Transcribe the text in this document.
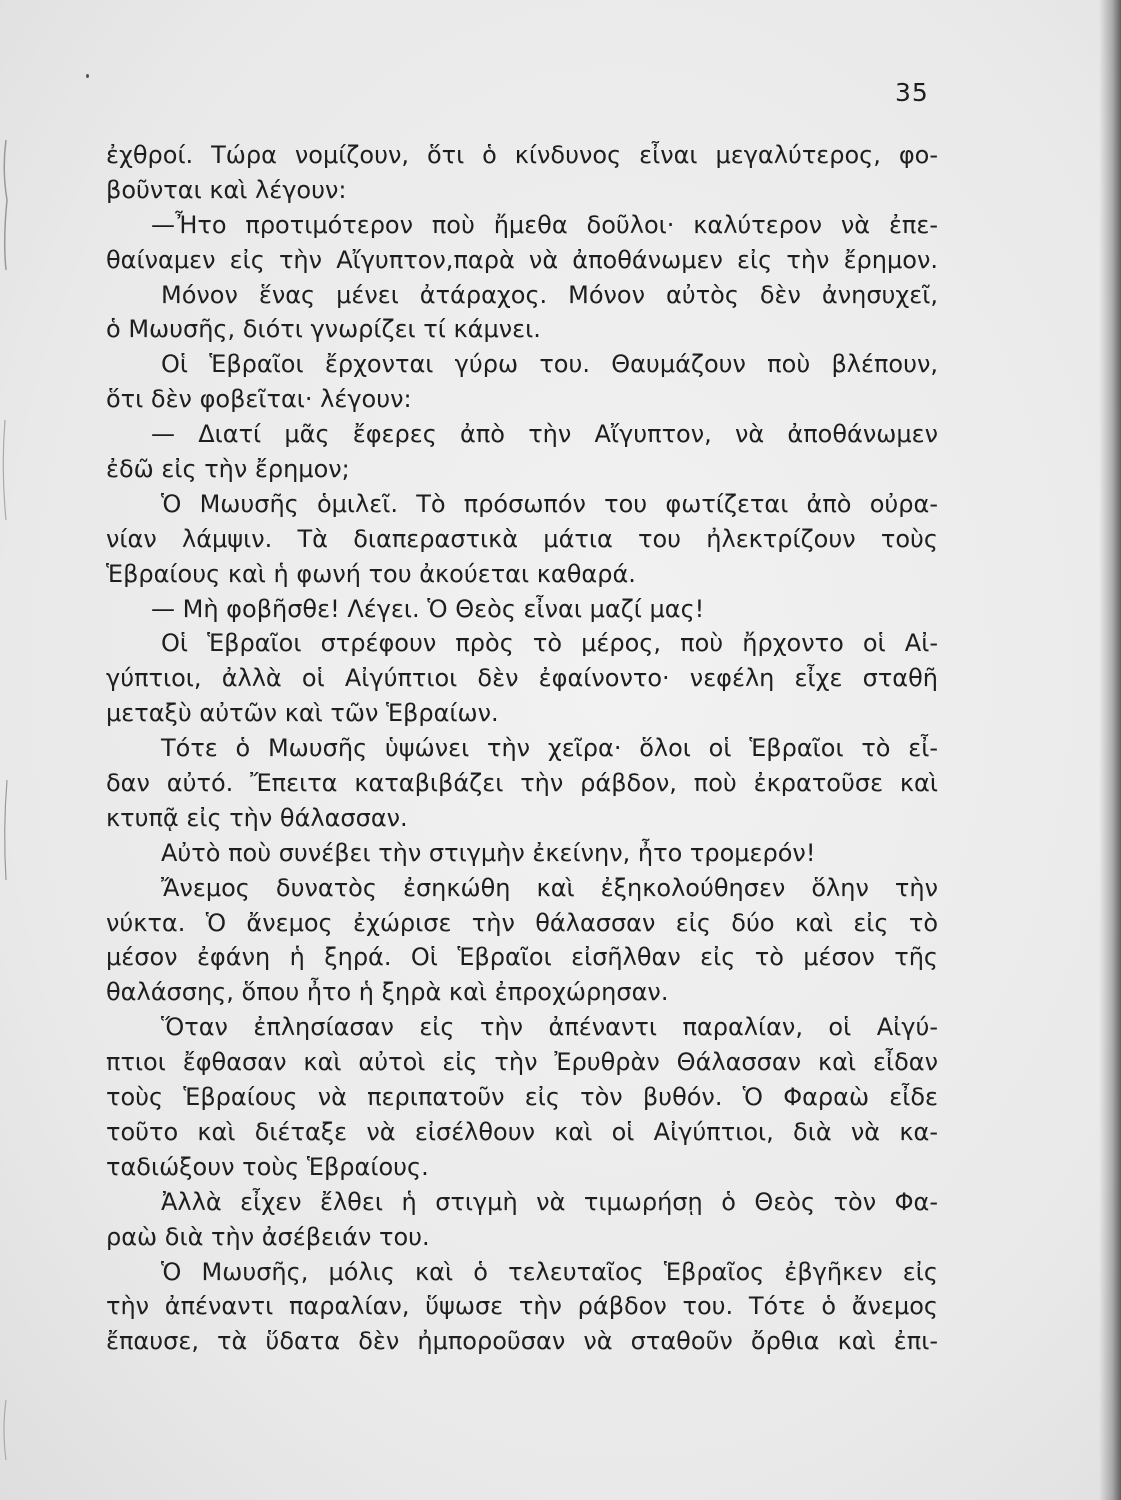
35
ἐχθροί. Τώρα νομίζουν, ὅτι ὁ κίνδυνος εἶναι μεγαλύτερος, φο-
βοῦνται καὶ λέγουν:
—Ἦτο προτιμότερον ποὺ ἤμεθα δοῦλοι· καλύτερον νὰ ἐπε-
θαίναμεν εἰς τὴν Αἴγυπτον,παρὰ νὰ ἀποθάνωμεν εἰς τὴν ἔρημον.
Μόνον ἕνας μένει ἀτάραχος. Μόνον αὐτὸς δὲν ἀνησυχεῖ,
ὁ Μωυσῆς, διότι γνωρίζει τί κάμνει.
Οἱ Ἑβραῖοι ἔρχονται γύρω του. Θαυμάζουν ποὺ βλέπουν,
ὅτι δὲν φοβεῖται· λέγουν:
— Διατί μᾶς ἔφερες ἀπὸ τὴν Αἴγυπτον, νὰ ἀποθάνωμεν
ἐδῶ εἰς τὴν ἔρημον;
Ὁ Μωυσῆς ὁμιλεῖ. Τὸ πρόσωπόν του φωτίζεται ἀπὸ οὐρα-
νίαν λάμψιν. Τὰ διαπεραστικὰ μάτια του ἠλεκτρίζουν τοὺς
Ἑβραίους καὶ ἡ φωνή του ἀκούεται καθαρά.
— Μὴ φοβῆσθε! Λέγει. Ὁ Θεὸς εἶναι μαζί μας!
Οἱ Ἑβραῖοι στρέφουν πρὸς τὸ μέρος, ποὺ ἤρχοντο οἱ Αἰ-
γύπτιοι, ἀλλὰ οἱ Αἰγύπτιοι δὲν ἐφαίνοντο· νεφέλη εἶχε σταθῆ
μεταξὺ αὐτῶν καὶ τῶν Ἑβραίων.
Τότε ὁ Μωυσῆς ὑψώνει τὴν χεῖρα· ὅλοι οἱ Ἑβραῖοι τὸ εἶ-
δαν αὐτό. Ἔπειτα καταβιβάζει τὴν ράβδον, ποὺ ἐκρατοῦσε καὶ
κτυπᾷ εἰς τὴν θάλασσαν.
Αὐτὸ ποὺ συνέβει τὴν στιγμὴν ἐκείνην, ἦτο τρομερόν!
Ἄνεμος δυνατὸς ἐσηκώθη καὶ ἐξηκολούθησεν ὅλην τὴν
νύκτα. Ὁ ἄνεμος ἐχώρισε τὴν θάλασσαν εἰς δύο καὶ εἰς τὸ
μέσον ἐφάνη ἡ ξηρά. Οἱ Ἑβραῖοι εἰσῆλθαν εἰς τὸ μέσον τῆς
θαλάσσης, ὅπου ἦτο ἡ ξηρὰ καὶ ἐπροχώρησαν.
Ὅταν ἐπλησίασαν εἰς τὴν ἀπέναντι παραλίαν, οἱ Αἰγύ-
πτιοι ἔφθασαν καὶ αὐτοὶ εἰς τὴν Ἐρυθρὰν Θάλασσαν καὶ εἶδαν
τοὺς Ἑβραίους νὰ περιπατοῦν εἰς τὸν βυθόν. Ὁ Φαραὼ εἶδε
τοῦτο καὶ διέταξε νὰ εἰσέλθουν καὶ οἱ Αἰγύπτιοι, διὰ νὰ κα-
ταδιώξουν τοὺς Ἑβραίους.
Ἀλλὰ εἶχεν ἔλθει ἡ στιγμὴ νὰ τιμωρήσῃ ὁ Θεὸς τὸν Φα-
ραὼ διὰ τὴν ἀσέβειάν του.
Ὁ Μωυσῆς, μόλις καὶ ὁ τελευταῖος Ἑβραῖος ἐβγῆκεν εἰς
τὴν ἀπέναντι παραλίαν, ὕψωσε τὴν ράβδον του. Τότε ὁ ἄνεμος
ἔπαυσε, τὰ ὕδατα δὲν ἠμποροῦσαν νὰ σταθοῦν ὄρθια καὶ ἐπι-
